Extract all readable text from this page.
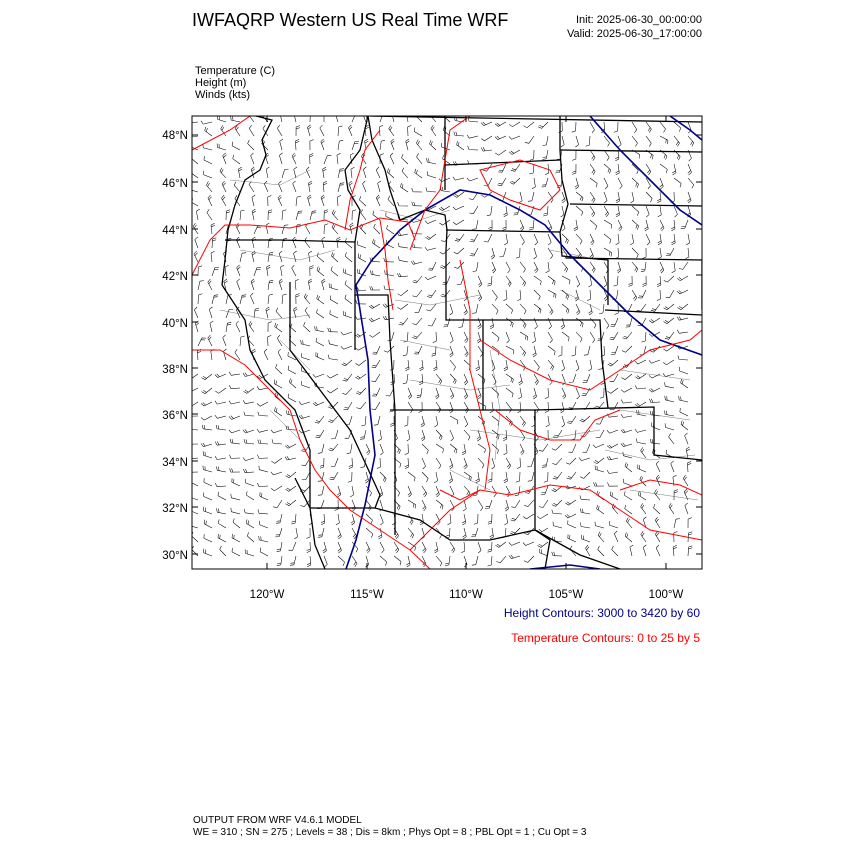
IWFAQRP Western US Real Time WRF	Init: 2025-06-30_00:00:00
Valid: 2025-06-30_17:00:00
Temperature (C)
Height (m)
Winds (kts)
48°N
46°N
44°N
42°N
40°N
38°N
36°N
34°N
32°N
30°N
120°W	115°W	110°W	105°W	100°W
Height Contours: 3000 to 3420 by 60
Temperature Contours: 0 to 25 by 5
OUTPUT FROM WRF V4.6.1 MODEL
WE = 310 ; SN = 275 ; Levels = 38 ; Dis = 8km ; Phys Opt = 8 ; PBL Opt = 1 ; Cu Opt = 3
